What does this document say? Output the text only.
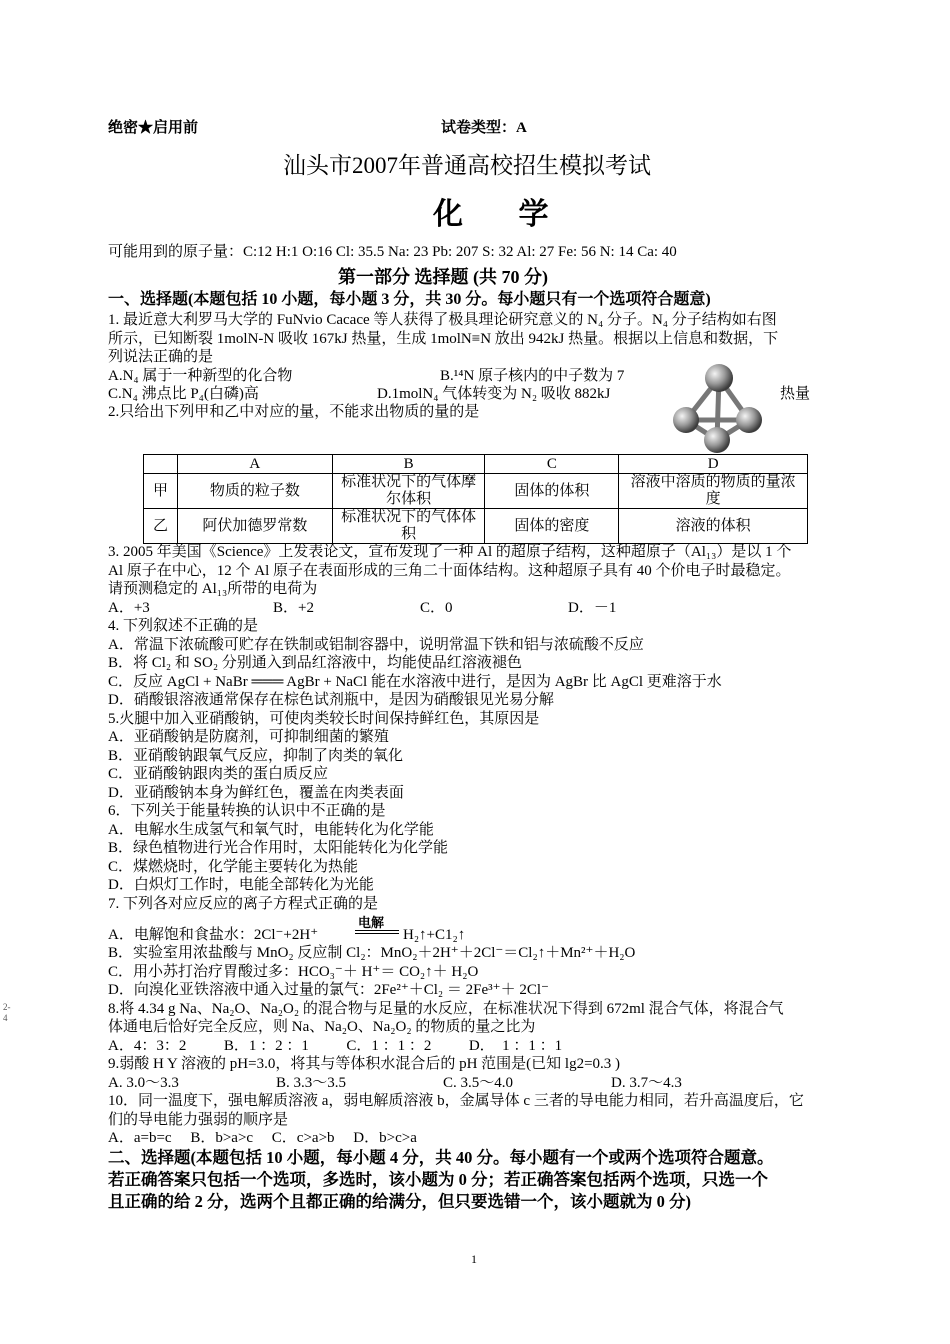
绝密★启用前	试卷类型：A
汕头市2007年普通高校招生模拟考试
化 学
可能用到的原子量：C:12 H:1 O:16 Cl: 35.5 Na: 23 Pb: 207 S: 32 Al: 27 Fe: 56 N: 14 Ca: 40
第一部分 选择题 (共 70 分)
一、选择题(本题包括 10 小题，每小题 3 分，共 30 分。每小题只有一个选项符合题意)
1. 最近意大利罗马大学的 FuNvio Cacace 等人获得了极具理论研究意义的 N₄ 分子。N₄ 分子结构如右图
所示，已知断裂 1molN-N 吸收 167kJ 热量，生成 1molN≡N 放出 942kJ 热量。根据以上信息和数据，下
列说法正确的是
A.N₄ 属于一种新型的化合物	B.¹⁴N 原子核内的中子数为 7
C.N₄ 沸点比 P₄(白磷)高	D.1molN₄ 气体转变为 N₂ 吸收 882kJ	热量
2.只给出下列甲和乙中对应的量，不能求出物质的量的是
	A	B	C	D
甲	物质的粒子数	标准状况下的气体摩尔体积	固体的体积	溶液中溶质的物质的量浓度
乙	阿伏加德罗常数	标准状况下的气体体积	固体的密度	溶液的体积
3. 2005 年美国《Science》上发表论文，宣布发现了一种 Al 的超原子结构，这种超原子（Al₁₃）是以 1 个
Al 原子在中心，12 个 Al 原子在表面形成的三角二十面体结构。这种超原子具有 40 个价电子时最稳定。
请预测稳定的 Al₁₃所带的电荷为
A．+3	B．+2	C．0	D．－1
4. 下列叙述不正确的是
A．常温下浓硫酸可贮存在铁制或铝制容器中，说明常温下铁和铝与浓硫酸不反应
B．将 Cl₂ 和 SO₂ 分别通入到品红溶液中，均能使品红溶液褪色
C．反应 AgCl + NaBr ═══ AgBr + NaCl 能在水溶液中进行，是因为 AgBr 比 AgCl 更难溶于水
D．硝酸银溶液通常保存在棕色试剂瓶中，是因为硝酸银见光易分解
5.火腿中加入亚硝酸钠，可使肉类较长时间保持鲜红色，其原因是
A．亚硝酸钠是防腐剂，可抑制细菌的繁殖
B．亚硝酸钠跟氧气反应，抑制了肉类的氧化
C．亚硝酸钠跟肉类的蛋白质反应
D．亚硝酸钠本身为鲜红色，覆盖在肉类表面
6．下列关于能量转换的认识中不正确的是
A．电解水生成氢气和氧气时，电能转化为化学能
B．绿色植物进行光合作用时，太阳能转化为化学能
C．煤燃烧时，化学能主要转化为热能
D．白炽灯工作时，电能全部转化为光能
7. 下列各对应反应的离子方程式正确的是
电解
A．电解饱和食盐水：2Cl⁻+2H⁺	H₂↑+C1₂↑
B．实验室用浓盐酸与 MnO₂ 反应制 Cl₂：MnO₂＋2H⁺＋2Cl⁻＝Cl₂↑＋Mn²⁺＋H₂O
C．用小苏打治疗胃酸过多：HCO₃⁻＋ H⁺＝ CO₂↑＋ H₂O
D．向溴化亚铁溶液中通入过量的氯气：2Fe²⁺＋Cl₂ ＝ 2Fe³⁺＋ 2Cl⁻
2-
4
8.将 4.34 g Na、Na₂O、Na₂O₂ 的混合物与足量的水反应，在标准状况下得到 672ml 混合气体，将混合气
体通电后恰好完全反应，则 Na、Na₂O、Na₂O₂ 的物质的量之比为
A．4：3：2          B．1 ：2 ：1          C．1 ：1 ：2          D．  1 ：1 ：1
9.弱酸 H Y 溶液的 pH=3.0，将其与等体积水混合后的 pH 范围是(已知 lg2=0.3 )
A. 3.0～3.3	B. 3.3～3.5	C. 3.5～4.0	D. 3.7～4.3
10．同一温度下，强电解质溶液 a，弱电解质溶液 b，金属导体 c 三者的导电能力相同，若升高温度后，它
们的导电能力强弱的顺序是
A．a=b=c     B．b>a>c     C．c>a>b     D．b>c>a
二、选择题(本题包括 10 小题，每小题 4 分，共 40 分。每小题有一个或两个选项符合题意。
若正确答案只包括一个选项，多选时，该小题为 0 分；若正确答案包括两个选项，只选一个
且正确的给 2 分，选两个且都正确的给满分，但只要选错一个，该小题就为 0 分)
1
